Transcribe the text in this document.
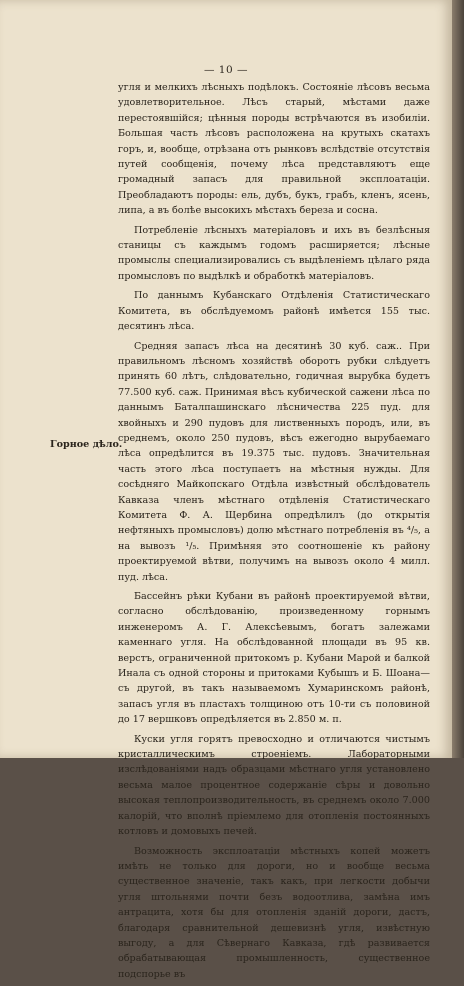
— 10 —
Горное дѣло.

угля и мелкихъ лѣсныхъ подѣлокъ. Состоянiе лѣсовъ весьма удовлетворительное. Лѣсъ старый, мѣстами даже перестоявшiйся; цѣнныя породы встрѣчаются въ изобилiи. Большая часть лѣсовъ расположена на крутыхъ скатахъ горъ, и, вообще, отрѣзана отъ рынковъ вслѣдствiе отсутствiя путей сообщенiя, почему лѣса представляютъ еще громадный запасъ для правильной эксплоатацiи. Преобладаютъ породы: ель, дубъ, букъ, грабъ, кленъ, ясень, липа, а въ болѣе высокихъ мѣстахъ береза и сосна.

Потребленiе лѣсныхъ матерiаловъ и ихъ въ безлѣсныя станицы съ каждымъ годомъ расширяется; лѣсные промыслы специализировались съ выдѣленiемъ цѣлаго ряда промысловъ по выдѣлкѣ и обработкѣ матерiаловъ.

По даннымъ Кубанскаго Отдѣленiя Статистическаго Комитета, въ обслѣдуемомъ районѣ имѣется 155 тыс. десятинъ лѣса.

Средняя запасъ лѣса на десятинѣ 30 куб. саж.. При правильномъ лѣсномъ хозяйствѣ оборотъ рубки слѣдуетъ принять 60 лѣтъ, слѣдовательно, годичная вырубка будетъ 77.500 куб. саж. Принимая вѣсъ кубической сажени лѣса по даннымъ Баталпашинскаго лѣсничества 225 пуд. для хвойныхъ и 290 пудовъ для лиственныхъ породъ, или, въ среднемъ, около 250 пудовъ, вѣсъ ежегодно вырубаемаго лѣса опредѣлится въ 19.375 тыс. пудовъ. Значительная часть этого лѣса поступаетъ на мѣстныя нужды. Для сосѣдняго Майкопскаго Отдѣла извѣстный обслѣдователь Кавказа членъ мѣстнаго отдѣленiя Статистическаго Комитета Ф. А. Щербина опредѣлилъ (до открытiя нефтяныхъ промысловъ) долю мѣстнаго потребленiя въ ⁴/₅, а на вывозъ ¹/₅. Примѣняя это соотношенiе къ району проектируемой вѣтви, получимъ на вывозъ около 4 милл. пуд. лѣса.

Бассейнъ рѣки Кубани въ районѣ проектируемой вѣтви, согласно обслѣдованiю, произведенному горнымъ инженеромъ А. Г. Алексѣевымъ, богатъ залежами каменнаго угля. На обслѣдованной площади въ 95 кв. верстъ, ограниченной притокомъ р. Кубани Марой и балкой Инала съ одной стороны и притоками Кубышъ и Б. Шоана—съ другой, въ такъ называемомъ Хумаринскомъ районѣ, запасъ угля въ пластахъ толщиною отъ 10-ти съ половиной до 17 вершковъ опредѣляется въ 2.850 м. п.

Куски угля горятъ превосходно и отличаются чистымъ кристаллическимъ строенiемъ. Лабораторными изслѣдованiями надъ образцами мѣстнаго угля установлено весьма малое процентное содержанiе сѣры и довольно высокая теплопроизводительность, въ среднемъ около 7.000 калорiй, что вполнѣ прiемлемо для отопленiя постоянныхъ котловъ и домовыхъ печей.

Возможность эксплоатацiи мѣстныхъ копей можетъ имѣть не только для дороги, но и вообще весьма существенное значенiе, такъ какъ, при легкости добычи угля штольнями почти безъ водоотлива, замѣна имъ антрацита, хотя бы для отопленiя зданiй дороги, дастъ, благодаря сравнительной дешевизнѣ угля, извѣстную выгоду, а для Сѣвернаго Кавказа, гдѣ развивается обрабатывающая промышленность, существенное подспорье въ
